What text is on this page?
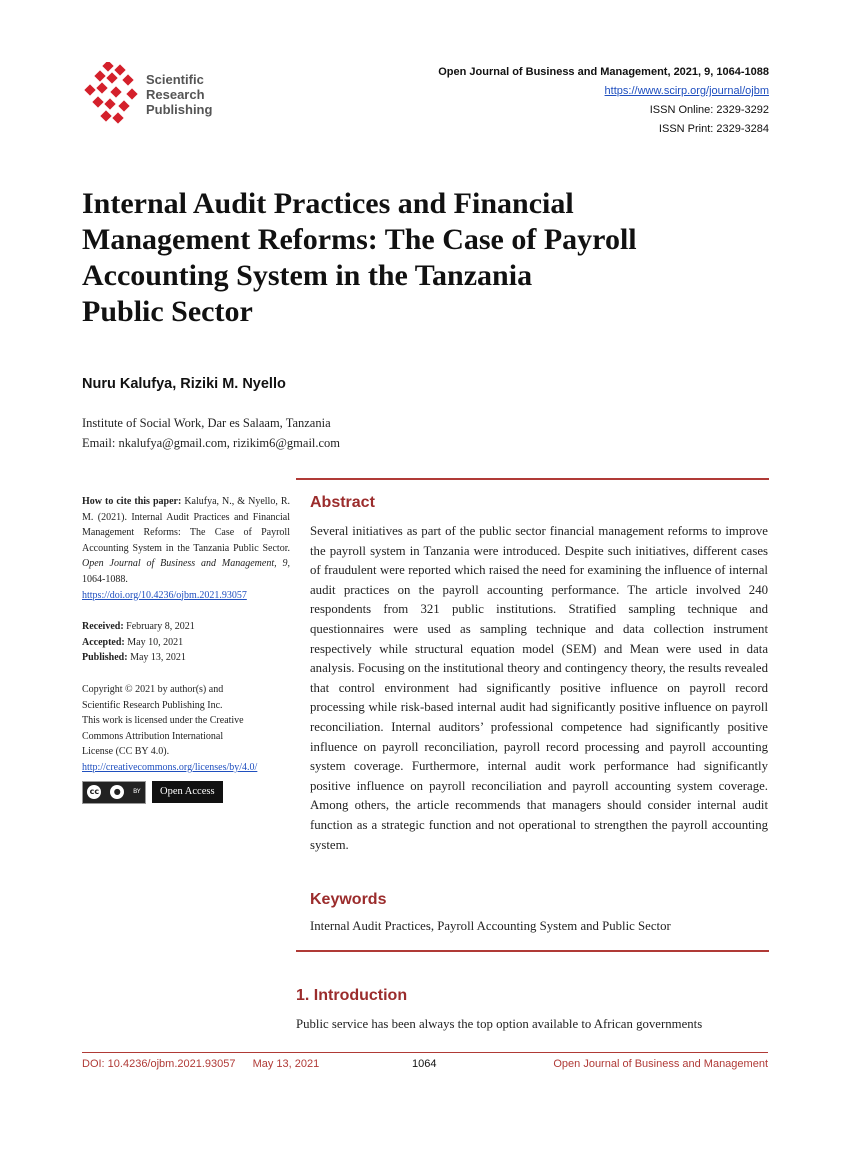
Scientific
Research
Publishing
Open Journal of Business and Management, 2021, 9, 1064-1088
https://www.scirp.org/journal/ojbm
ISSN Online: 2329-3292
ISSN Print: 2329-3284
Internal Audit Practices and Financial
Management Reforms: The Case of Payroll
Accounting System in the Tanzania
Public Sector
Nuru Kalufya, Riziki M. Nyello
Institute of Social Work, Dar es Salaam, Tanzania
Email: nkalufya@gmail.com, rizikim6@gmail.com
How to cite this paper: Kalufya, N., & Nyello, R. M. (2021). Internal Audit Practices and Financial Management Reforms: The Case of Payroll Accounting System in the Tanzania Public Sector. Open Journal of Business and Management, 9, 1064-1088. https://doi.org/10.4236/ojbm.2021.93057
Received: February 8, 2021
Accepted: May 10, 2021
Published: May 13, 2021
Copyright © 2021 by author(s) and
Scientific Research Publishing Inc.
This work is licensed under the Creative
Commons Attribution International
License (CC BY 4.0).
http://creativecommons.org/licenses/by/4.0/
cc	●	BY	Open Access
Abstract
Several initiatives as part of the public sector financial management reforms to improve the payroll system in Tanzania were introduced. Despite such initiatives, different cases of fraudulent were reported which raised the need for examining the influence of internal audit practices on the payroll accounting performance. The article involved 240 respondents from 321 public institutions. Stratified sampling technique and questionnaires were used as sampling technique and data collection instrument respectively while structural equation model (SEM) and Mean were used in data analysis. Focusing on the institutional theory and contingency theory, the results revealed that control environment had significantly positive influence on payroll record processing while risk-based internal audit had significantly positive influence on payroll reconciliation. Internal auditors’ professional competence had significantly positive influence on payroll reconciliation, payroll record processing and payroll accounting system coverage. Furthermore, internal audit work performance had significantly positive influence on payroll reconciliation and payroll accounting system coverage. Among others, the article recommends that managers should consider internal audit function as a strategic function and not operational to strengthen the payroll accounting system.
Keywords
Internal Audit Practices, Payroll Accounting System and Public Sector
1. Introduction
Public service has been always the top option available to African governments
DOI: 10.4236/ojbm.2021.93057 May 13, 2021	1064	Open Journal of Business and Management
